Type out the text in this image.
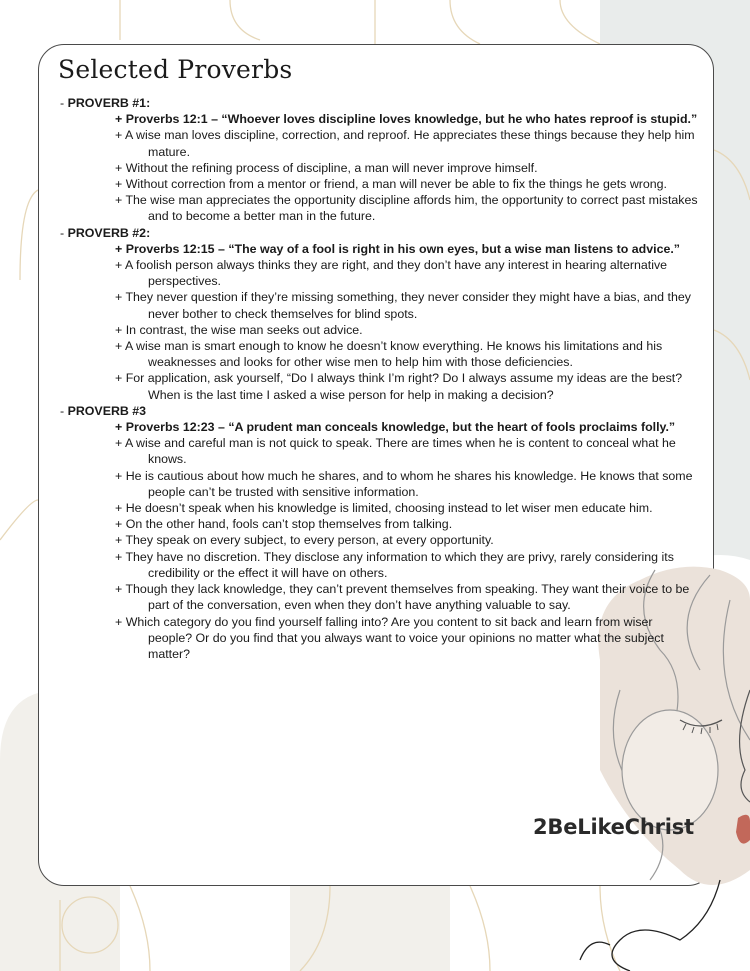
Selected Proverbs
- PROVERB #1:
+ Proverbs 12:1 – “Whoever loves discipline loves knowledge, but he who hates reproof is stupid.”
+ A wise man loves discipline, correction, and reproof. He appreciates these things because they help him mature.
+ Without the refining process of discipline, a man will never improve himself.
+ Without correction from a mentor or friend, a man will never be able to fix the things he gets wrong.
+ The wise man appreciates the opportunity discipline affords him, the opportunity to correct past mistakes and to become a better man in the future.
- PROVERB #2:
+ Proverbs 12:15 – “The way of a fool is right in his own eyes, but a wise man listens to advice.”
+ A foolish person always thinks they are right, and they don’t have any interest in hearing alternative perspectives.
+ They never question if they’re missing something, they never consider they might have a bias, and they never bother to check themselves for blind spots.
+ In contrast, the wise man seeks out advice.
+ A wise man is smart enough to know he doesn’t know everything. He knows his limitations and his weaknesses and looks for other wise men to help him with those deficiencies.
+ For application, ask yourself, “Do I always think I’m right? Do I always assume my ideas are the best? When is the last time I asked a wise person for help in making a decision?
- PROVERB #3
+ Proverbs 12:23 – “A prudent man conceals knowledge, but the heart of fools proclaims folly.”
+ A wise and careful man is not quick to speak. There are times when he is content to conceal what he knows.
+ He is cautious about how much he shares, and to whom he shares his knowledge. He knows that some people can’t be trusted with sensitive information.
+ He doesn’t speak when his knowledge is limited, choosing instead to let wiser men educate him.
+ On the other hand, fools can’t stop themselves from talking.
+ They speak on every subject, to every person, at every opportunity.
+ They have no discretion. They disclose any information to which they are privy, rarely considering its credibility or the effect it will have on others.
+ Though they lack knowledge, they can’t prevent themselves from speaking. They want their voice to be part of the conversation, even when they don’t have anything valuable to say.
+ Which category do you find yourself falling into? Are you content to sit back and learn from wiser people? Or do you find that you always want to voice your opinions no matter what the subject matter?
2BeLikeChrist
